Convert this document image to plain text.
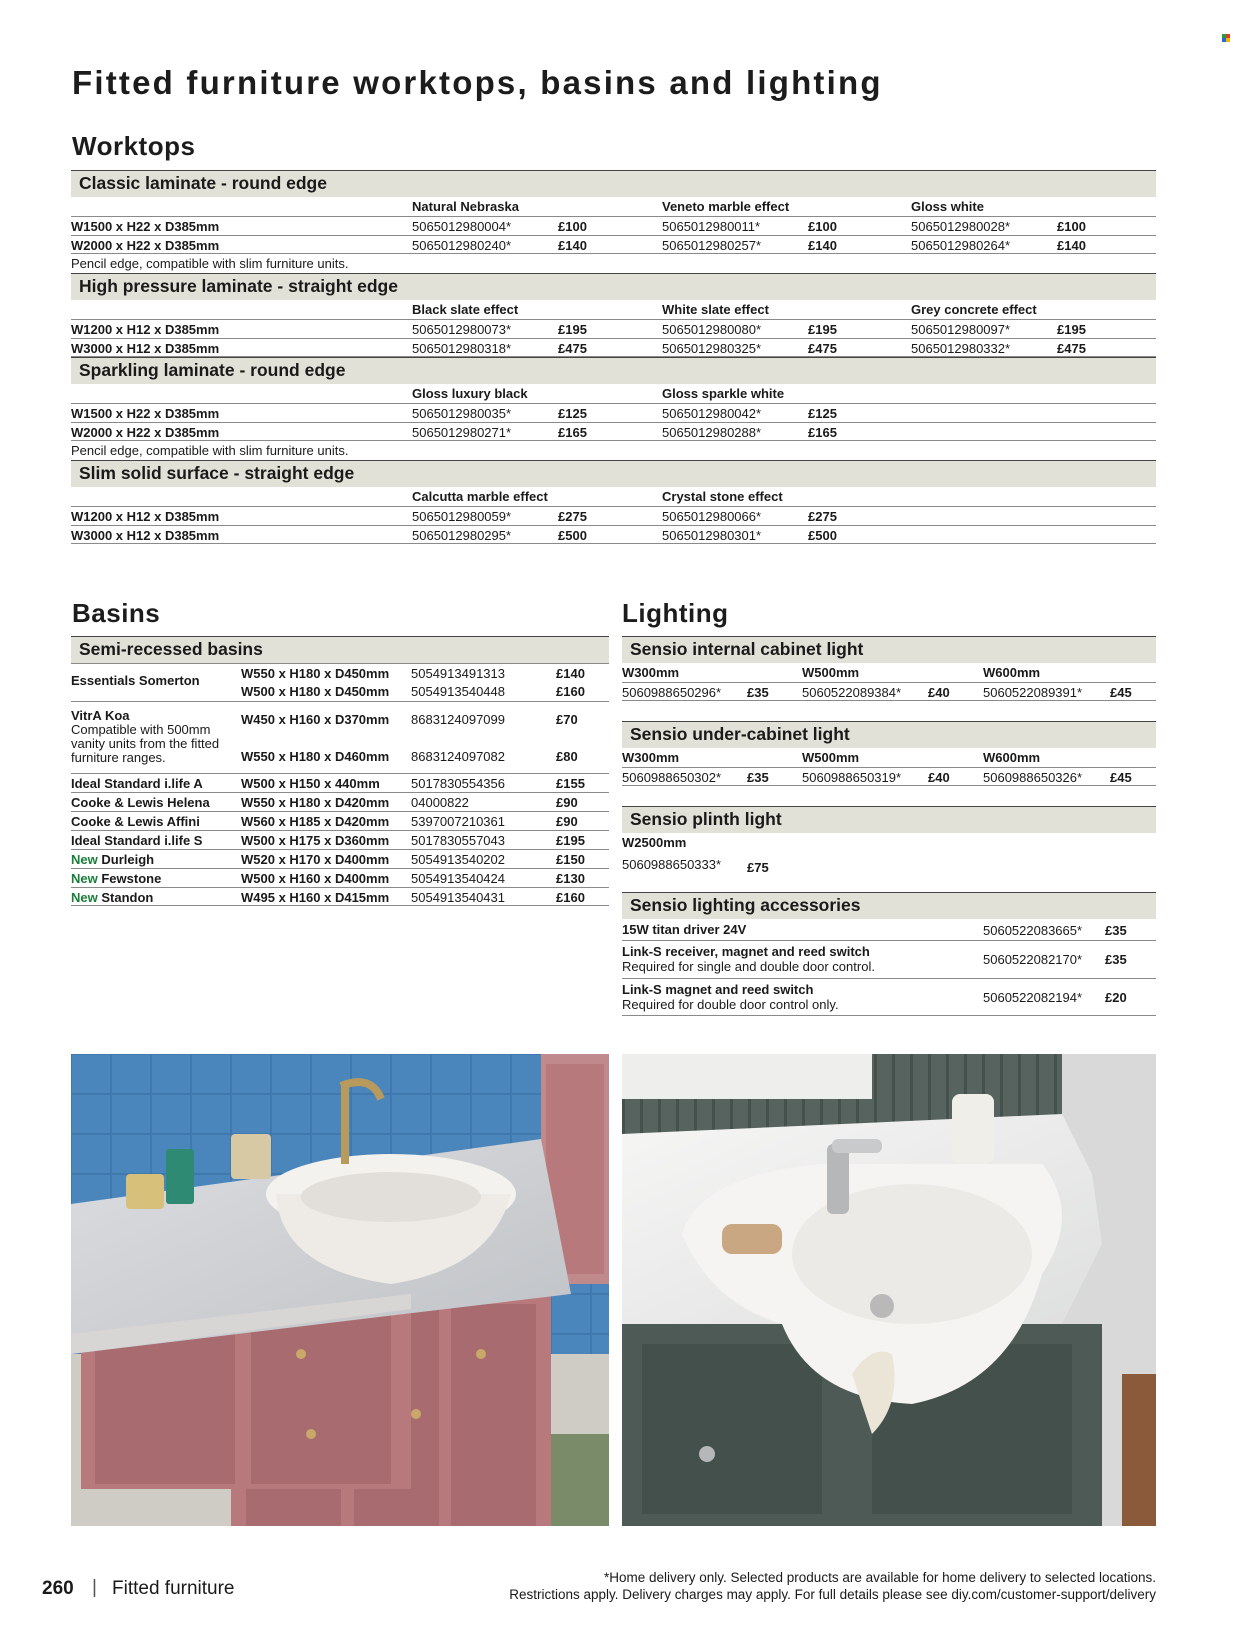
Fitted furniture worktops, basins and lighting
Worktops
Classic laminate - round edge
Natural Nebraska	Veneto marble effect	Gloss white
W1500 x H22 x D385mm	5065012980004*	£100	5065012980011*	£100	5065012980028*	£100
W2000 x H22 x D385mm	5065012980240*	£140	5065012980257*	£140	5065012980264*	£140
Pencil edge, compatible with slim furniture units.
High pressure laminate - straight edge
Black slate effect	White slate effect	Grey concrete effect
W1200 x H12 x D385mm	5065012980073*	£195	5065012980080*	£195	5065012980097*	£195
W3000 x H12 x D385mm	5065012980318*	£475	5065012980325*	£475	5065012980332*	£475
Sparkling laminate - round edge
Gloss luxury black	Gloss sparkle white
W1500 x H22 x D385mm	5065012980035*	£125	5065012980042*	£125
W2000 x H22 x D385mm	5065012980271*	£165	5065012980288*	£165
Pencil edge, compatible with slim furniture units.
Slim solid surface - straight edge
Calcutta marble effect	Crystal stone effect
W1200 x H12 x D385mm	5065012980059*	£275	5065012980066*	£275
W3000 x H12 x D385mm	5065012980295*	£500	5065012980301*	£500
Basins
Semi-recessed basins
Essentials Somerton	W550 x H180 x D450mm 5054913491313	£140
W500 x H180 x D450mm 5054913540448	£160
VitrA Koa
Compatible with 500mm vanity units from the fitted furniture ranges.
W450 x H160 x D370mm 8683124097099	£70
W550 x H180 x D460mm 8683124097082	£80
Ideal Standard i.life A	W500 x H150 x 440mm 5017830554356	£155
Cooke & Lewis Helena W550 x H180 x D420mm 04000822	£90
Cooke & Lewis Affini	W560 x H185 x D420mm 5397007210361	£90
Ideal Standard i.life S	W500 x H175 x D360mm 5017830557043	£195
New Durleigh	W520 x H170 x D400mm 5054913540202	£150
New Fewstone	W500 x H160 x D400mm 5054913540424	£130
New Standon	W495 x H160 x D415mm 5054913540431	£160
Lighting
Sensio internal cabinet light
W300mm	W500mm	W600mm
5060988650296* £35	5060522089384* £40	5060522089391* £45
Sensio under-cabinet light
W300mm	W500mm	W600mm
5060988650302* £35	5060988650319* £40	5060988650326* £45
Sensio plinth light
W2500mm
5060988650333* £75
Sensio lighting accessories
15W titan driver 24V	5060522083665* £35
Link-S receiver, magnet and reed switch
Required for single and double door control.	5060522082170* £35
Link-S magnet and reed switch
Required for double door control only.	5060522082194* £20
260 | Fitted furniture
*Home delivery only. Selected products are available for home delivery to selected locations.
Restrictions apply. Delivery charges may apply. For full details please see diy.com/customer-support/delivery
